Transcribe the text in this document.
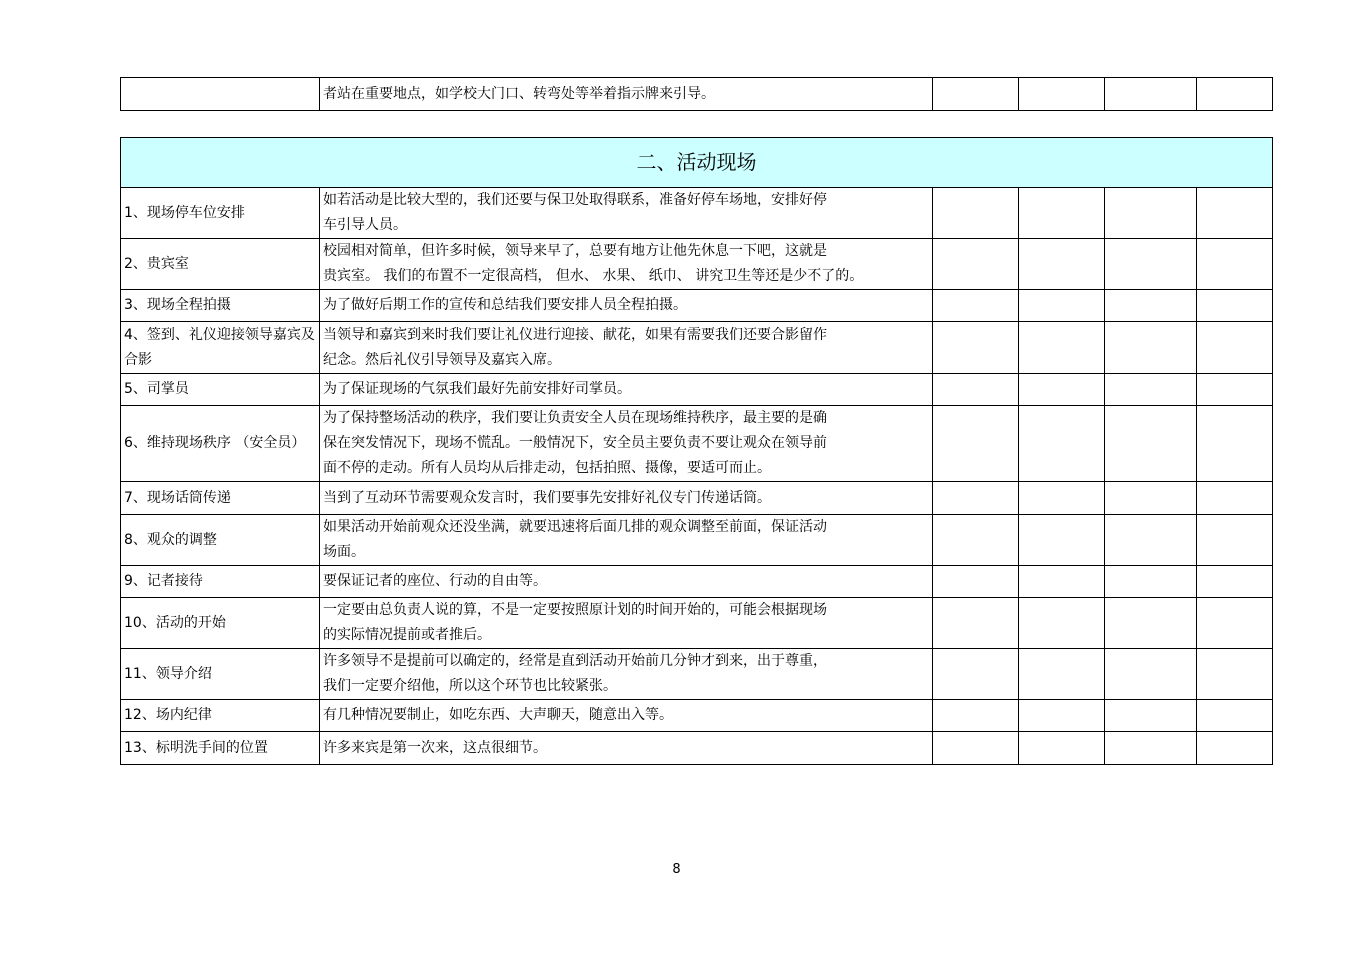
	者站在重要地点，如学校大门口、转弯处等举着指示牌来引导。				
二、活动现场					
1、现场停车位安排	如若活动是比较大型的，我们还要与保卫处取得联系，准备好停车场地，安排好停
车引导人员。				
2、贵宾室	校园相对简单，但许多时候，领导来早了，总要有地方让他先休息一下吧，这就是
贵宾室。 我们的布置不一定很高档， 但水、 水果、 纸巾、 讲究卫生等还是少不了的。				
3、现场全程拍摄	为了做好后期工作的宣传和总结我们要安排人员全程拍摄。				
4、签到、礼仪迎接领导嘉宾及合影	当领导和嘉宾到来时我们要让礼仪进行迎接、献花，如果有需要我们还要合影留作
纪念。然后礼仪引导领导及嘉宾入席。				
5、司掌员	为了保证现场的气氛我们最好先前安排好司掌员。				
6、维持现场秩序 （安全员）	为了保持整场活动的秩序，我们要让负责安全人员在现场维持秩序，最主要的是确
保在突发情况下，现场不慌乱。一般情况下，安全员主要负责不要让观众在领导前
面不停的走动。所有人员均从后排走动，包括拍照、摄像，要适可而止。				
7、现场话筒传递	当到了互动环节需要观众发言时，我们要事先安排好礼仪专门传递话筒。				
8、观众的调整	如果活动开始前观众还没坐满，就要迅速将后面几排的观众调整至前面，保证活动
场面。				
9、记者接待	要保证记者的座位、行动的自由等。				
10、活动的开始	一定要由总负责人说的算，不是一定要按照原计划的时间开始的，可能会根据现场
的实际情况提前或者推后。				
11、领导介绍	许多领导不是提前可以确定的，经常是直到活动开始前几分钟才到来，出于尊重，
我们一定要介绍他，所以这个环节也比较紧张。				
12、场内纪律	有几种情况要制止，如吃东西、大声聊天，随意出入等。				
13、标明洗手间的位置	许多来宾是第一次来，这点很细节。				
8
